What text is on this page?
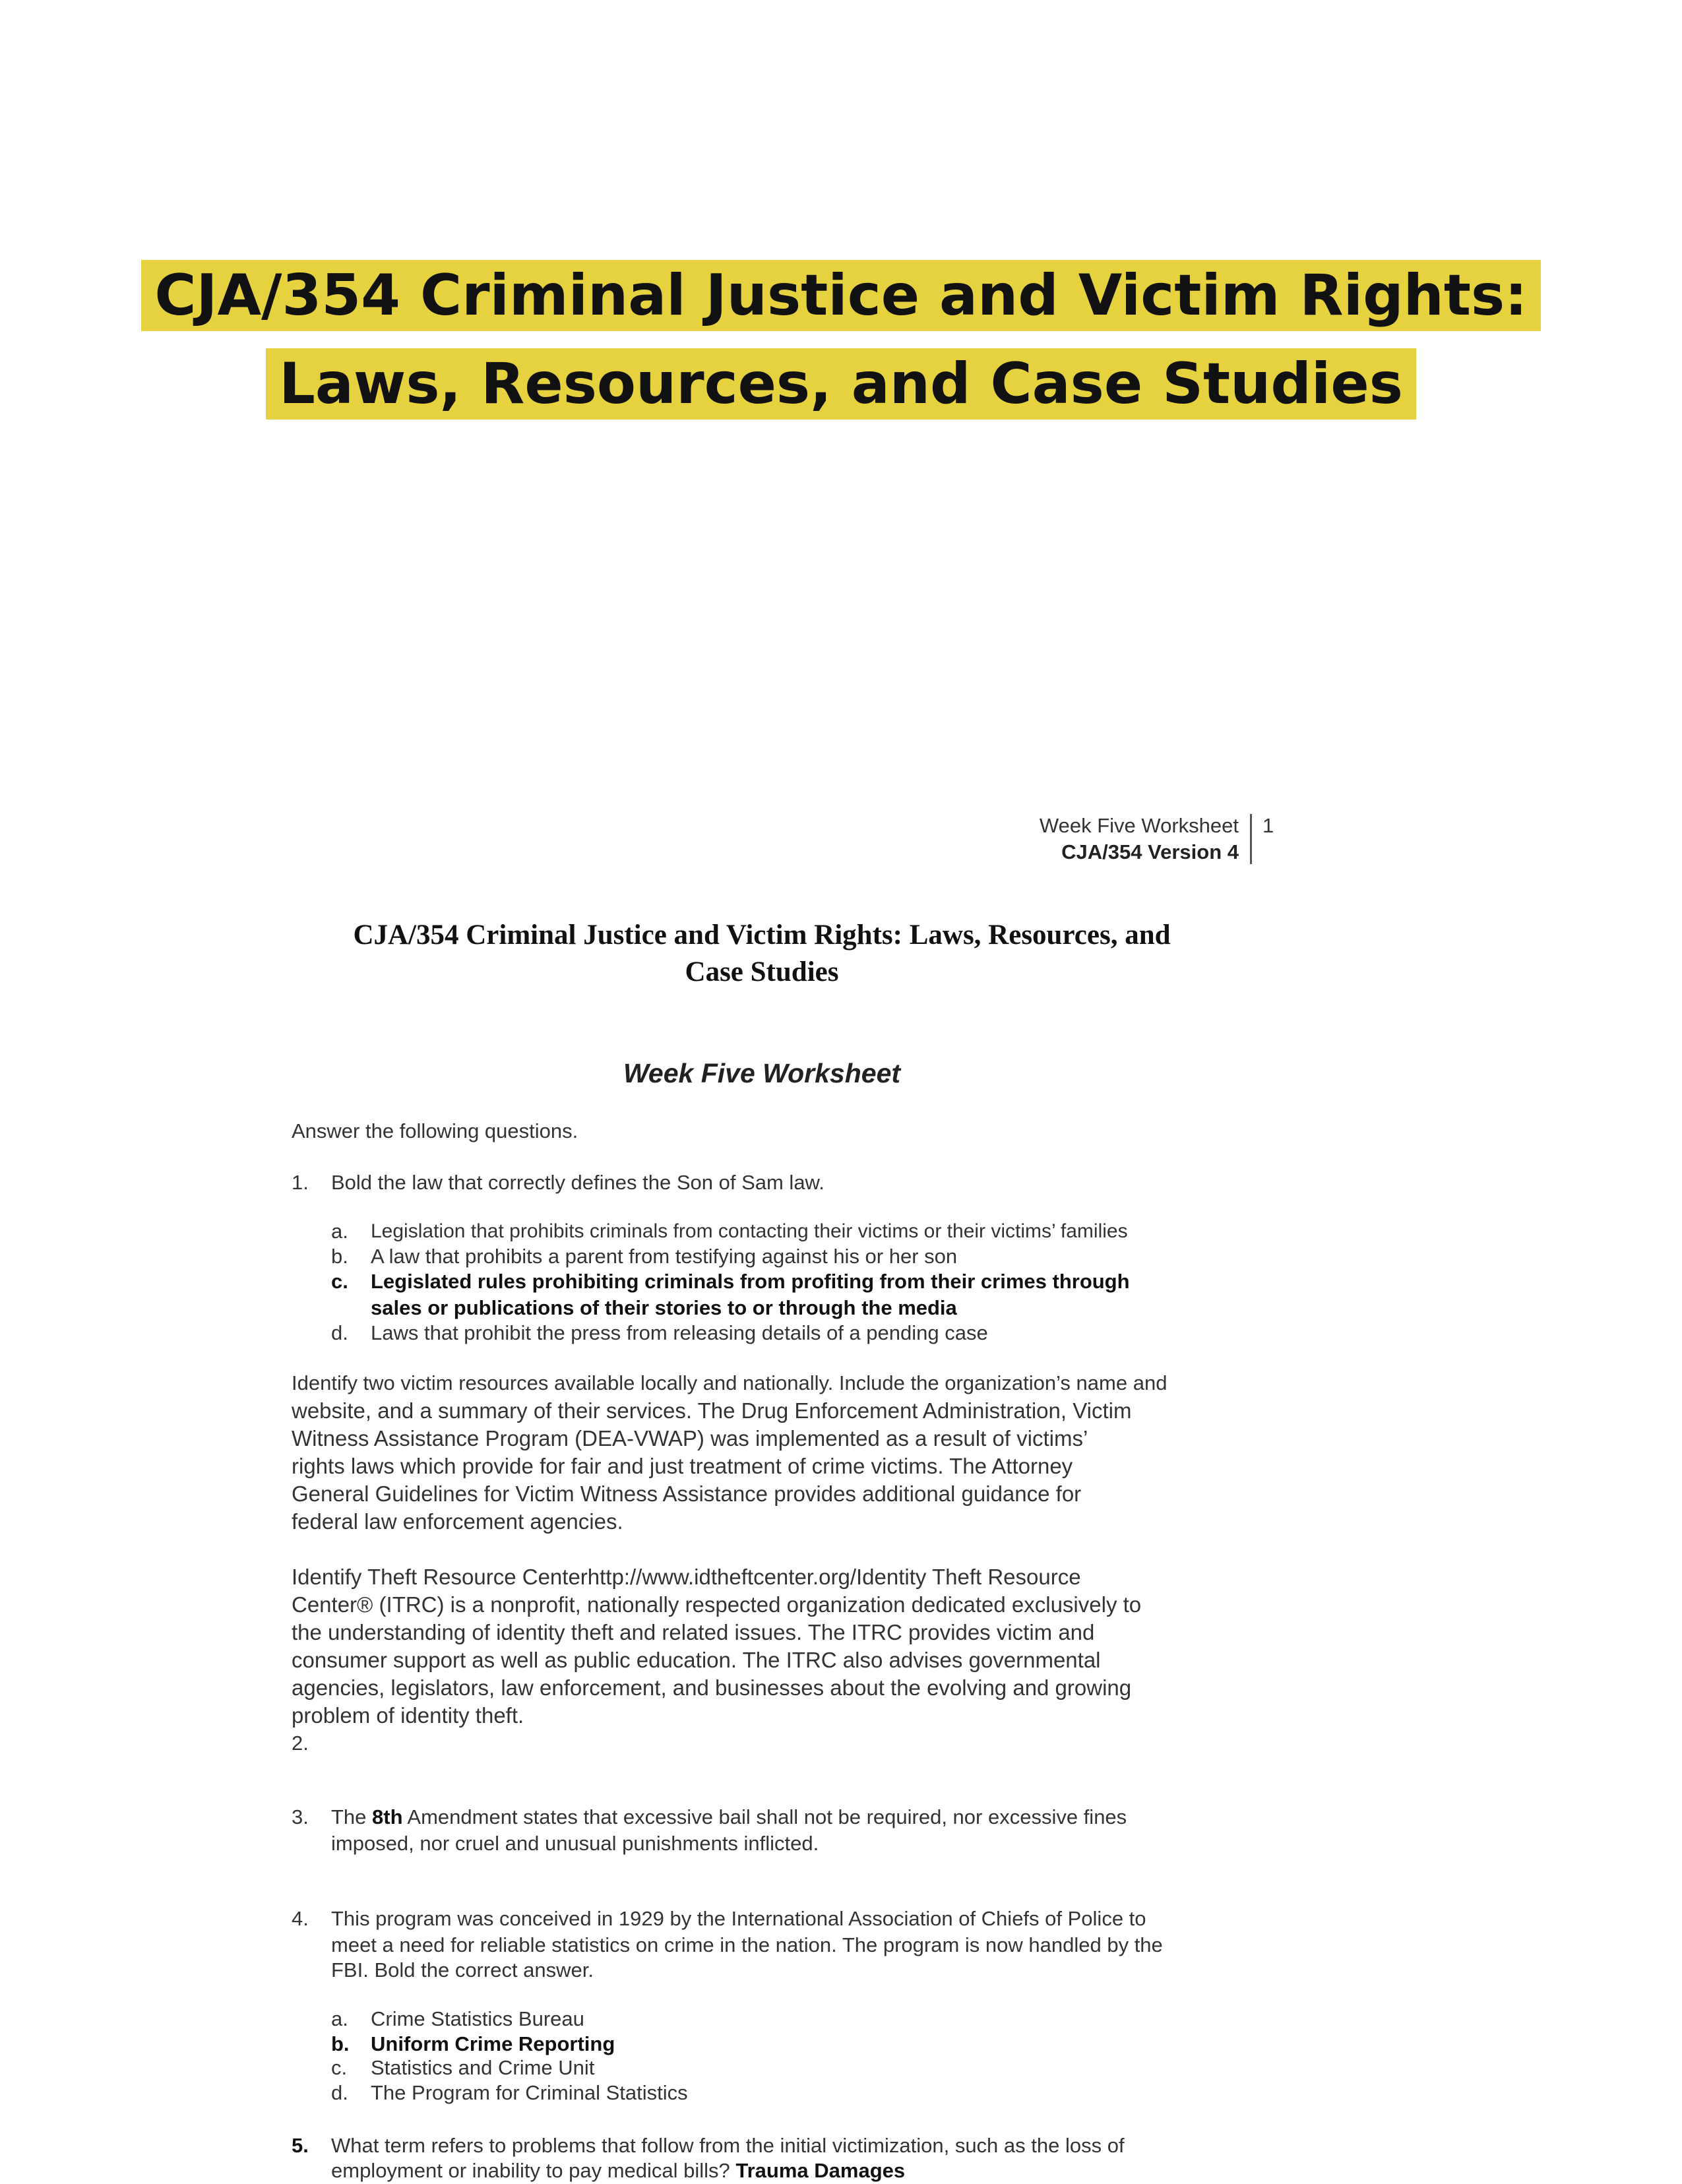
CJA/354 Criminal Justice and Victim Rights:
Laws, Resources, and Case Studies
Week Five Worksheet
CJA/354 Version 4
1
CJA/354 Criminal Justice and Victim Rights: Laws, Resources, and
Case Studies
Week Five Worksheet
Answer the following questions.
1. Bold the law that correctly defines the Son of Sam law.
a. Legislation that prohibits criminals from contacting their victims or their victims’ families
b. A law that prohibits a parent from testifying against his or her son
c. Legislated rules prohibiting criminals from profiting from their crimes through
sales or publications of their stories to or through the media
d. Laws that prohibit the press from releasing details of a pending case
Identify two victim resources available locally and nationally. Include the organization’s name and
website, and a summary of their services. The Drug Enforcement Administration, Victim
Witness Assistance Program (DEA-VWAP) was implemented as a result of victims’
rights laws which provide for fair and just treatment of crime victims. The Attorney
General Guidelines for Victim Witness Assistance provides additional guidance for
federal law enforcement agencies.
Identify Theft Resource Centerhttp://www.idtheftcenter.org/Identity Theft Resource
Center® (ITRC) is a nonprofit, nationally respected organization dedicated exclusively to
the understanding of identity theft and related issues. The ITRC provides victim and
consumer support as well as public education. The ITRC also advises governmental
agencies, legislators, law enforcement, and businesses about the evolving and growing
problem of identity theft.
2.
3. The 8th Amendment states that excessive bail shall not be required, nor excessive fines
imposed, nor cruel and unusual punishments inflicted.
4. This program was conceived in 1929 by the International Association of Chiefs of Police to
meet a need for reliable statistics on crime in the nation. The program is now handled by the
FBI. Bold the correct answer.
a. Crime Statistics Bureau
b. Uniform Crime Reporting
c. Statistics and Crime Unit
d. The Program for Criminal Statistics
5. What term refers to problems that follow from the initial victimization, such as the loss of
employment or inability to pay medical bills? Trauma Damages
